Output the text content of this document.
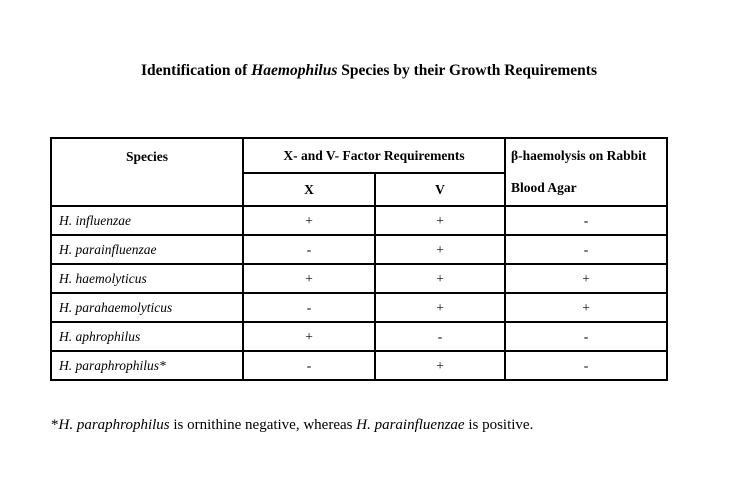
Identification of Haemophilus Species by their Growth Requirements
Species	X- and V- Factor Requirements		β-haemolysis on Rabbit
Blood Agar

	X	V	
H. influenzae	+	+	-
H. parainfluenzae	-	+	-
H. haemolyticus	+	+	+
H. parahaemolyticus	-	+	+
H. aphrophilus	+	-	-
H. paraphrophilus*	-	+	-
*H. paraphrophilus is ornithine negative, whereas H. parainfluenzae is positive.
